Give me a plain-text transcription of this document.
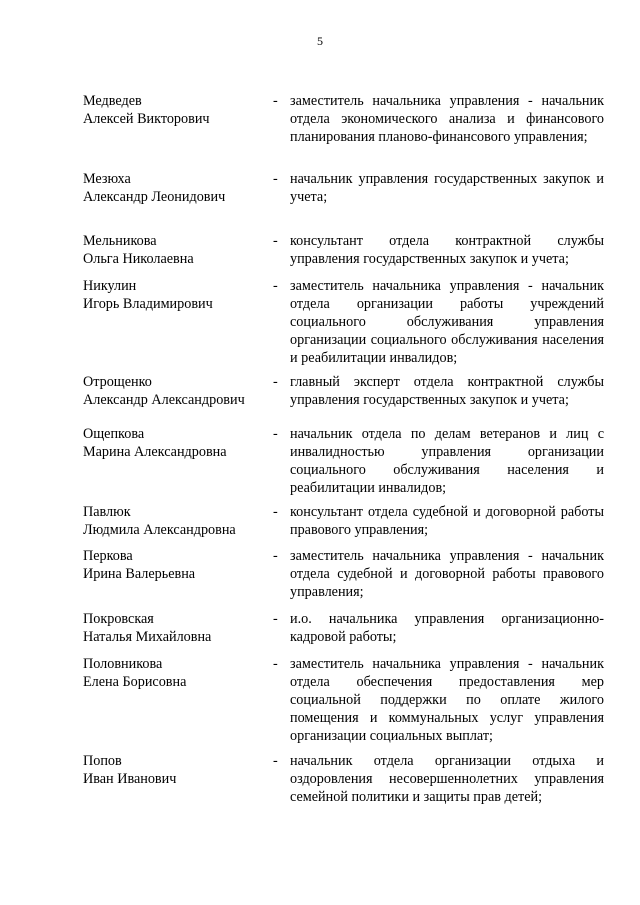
5
Медведев
Алексей Викторович
- заместитель начальника управления - начальник отдела экономического анализа и финансового планирования планово-финансового управления;
Мезюха
Александр Леонидович
- начальник управления государственных закупок и учета;
Мельникова
Ольга Николаевна
- консультант отдела контрактной службы управления государственных закупок и учета;
Никулин
Игорь Владимирович
- заместитель начальника управления - начальник отдела организации работы учреждений социального обслуживания управления организации социального обслуживания населения и реабилитации инвалидов;
Отрощенко
Александр Александрович
- главный эксперт отдела контрактной службы управления государственных закупок и учета;
Ощепкова
Марина Александровна
- начальник отдела по делам ветеранов и лиц с инвалидностью управления организации социального обслуживания населения и реабилитации инвалидов;
Павлюк
Людмила Александровна
- консультант отдела судебной и договорной работы правового управления;
Перкова
Ирина Валерьевна
- заместитель начальника управления - начальник отдела судебной и договорной работы правового управления;
Покровская
Наталья Михайловна
- и.о. начальника управления организационно-кадровой работы;
Половникова
Елена Борисовна
- заместитель начальника управления - начальник отдела обеспечения предоставления мер социальной поддержки по оплате жилого помещения и коммунальных услуг управления организации социальных выплат;
Попов
Иван Иванович
- начальник отдела организации отдыха и оздоровления несовершеннолетних управления семейной политики и защиты прав детей;
